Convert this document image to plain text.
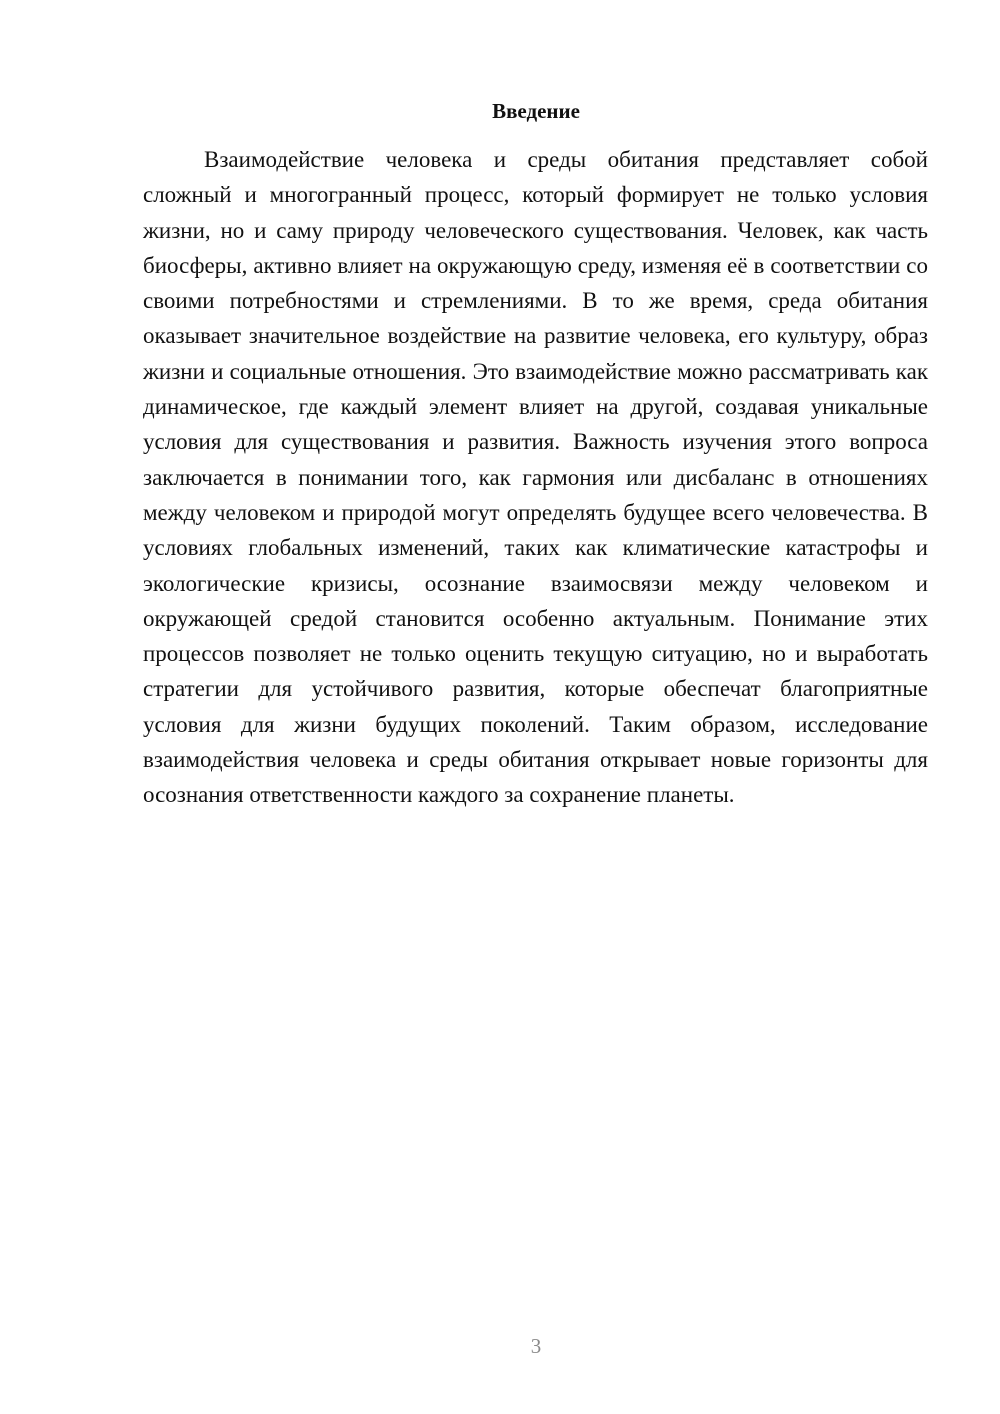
Введение

Взаимодействие человека и среды обитания представляет собой сложный и многогранный процесс, который формирует не только условия жизни, но и саму природу человеческого существования. Человек, как часть биосферы, активно влияет на окружающую среду, изменяя её в соответствии со своими потребностями и стремлениями. В то же время, среда обитания оказывает значительное воздействие на развитие человека, его культуру, образ жизни и социальные отношения. Это взаимодействие можно рассматривать как динамическое, где каждый элемент влияет на другой, создавая уникальные условия для существования и развития. Важность изучения этого вопроса заключается в понимании того, как гармония или дисбаланс в отношениях между человеком и природой могут определять будущее всего человечества. В условиях глобальных изменений, таких как климатические катастрофы и экологические кризисы, осознание взаимосвязи между человеком и окружающей средой становится особенно актуальным. Понимание этих процессов позволяет не только оценить текущую ситуацию, но и выработать стратегии для устойчивого развития, которые обеспечат благоприятные условия для жизни будущих поколений. Таким образом, исследование взаимодействия человека и среды обитания открывает новые горизонты для осознания ответственности каждого за сохранение планеты.

3
